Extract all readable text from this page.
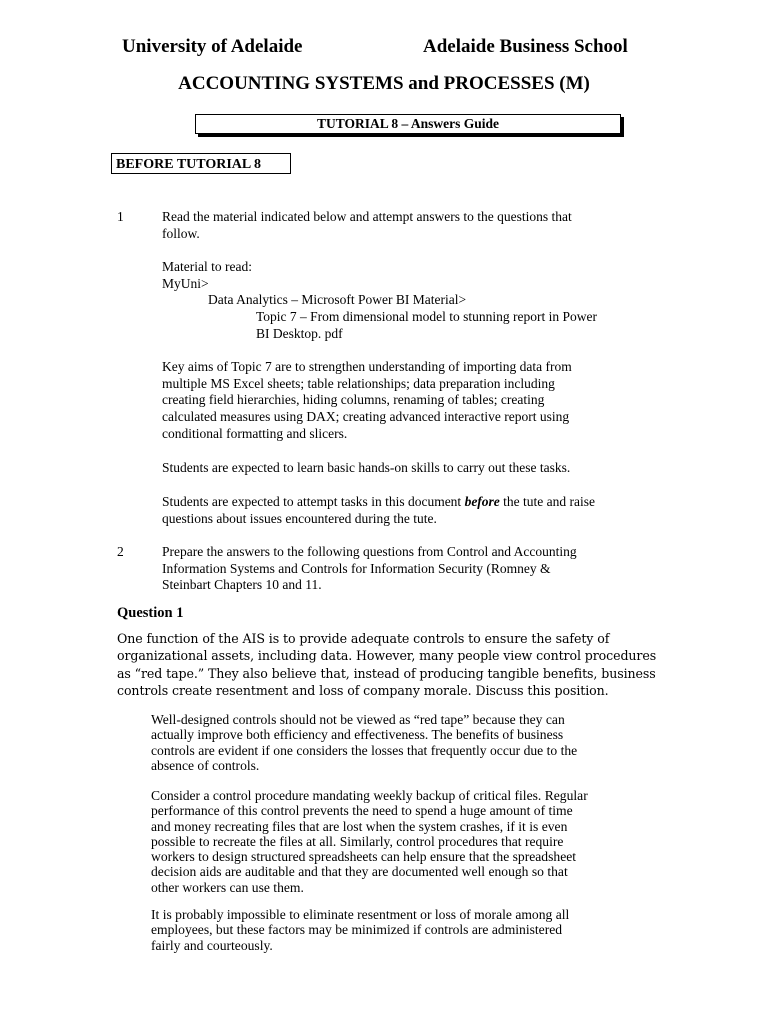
University of Adelaide	Adelaide Business School
ACCOUNTING SYSTEMS and PROCESSES (M)
TUTORIAL 8 – Answers Guide
BEFORE TUTORIAL 8
1	Read the material indicated below and attempt answers to the questions that
follow.
Material to read:
MyUni>
Data Analytics – Microsoft Power BI Material>
Topic 7 – From dimensional model to stunning report in Power
BI Desktop. pdf
Key aims of Topic 7 are to strengthen understanding of importing data from
multiple MS Excel sheets; table relationships; data preparation including
creating field hierarchies, hiding columns, renaming of tables; creating
calculated measures using DAX; creating advanced interactive report using
conditional formatting and slicers.
Students are expected to learn basic hands-on skills to carry out these tasks.
Students are expected to attempt tasks in this document before the tute and raise
questions about issues encountered during the tute.
2	Prepare the answers to the following questions from Control and Accounting
Information Systems and Controls for Information Security (Romney &
Steinbart Chapters 10 and 11.
Question 1
One function of the AIS is to provide adequate controls to ensure the safety of
organizational assets, including data. However, many people view control procedures
as “red tape.” They also believe that, instead of producing tangible benefits, business
controls create resentment and loss of company morale. Discuss this position.
Well-designed controls should not be viewed as “red tape” because they can
actually improve both efficiency and effectiveness. The benefits of business
controls are evident if one considers the losses that frequently occur due to the
absence of controls.
Consider a control procedure mandating weekly backup of critical files. Regular
performance of this control prevents the need to spend a huge amount of time
and money recreating files that are lost when the system crashes, if it is even
possible to recreate the files at all. Similarly, control procedures that require
workers to design structured spreadsheets can help ensure that the spreadsheet
decision aids are auditable and that they are documented well enough so that
other workers can use them.
It is probably impossible to eliminate resentment or loss of morale among all
employees, but these factors may be minimized if controls are administered
fairly and courteously.
